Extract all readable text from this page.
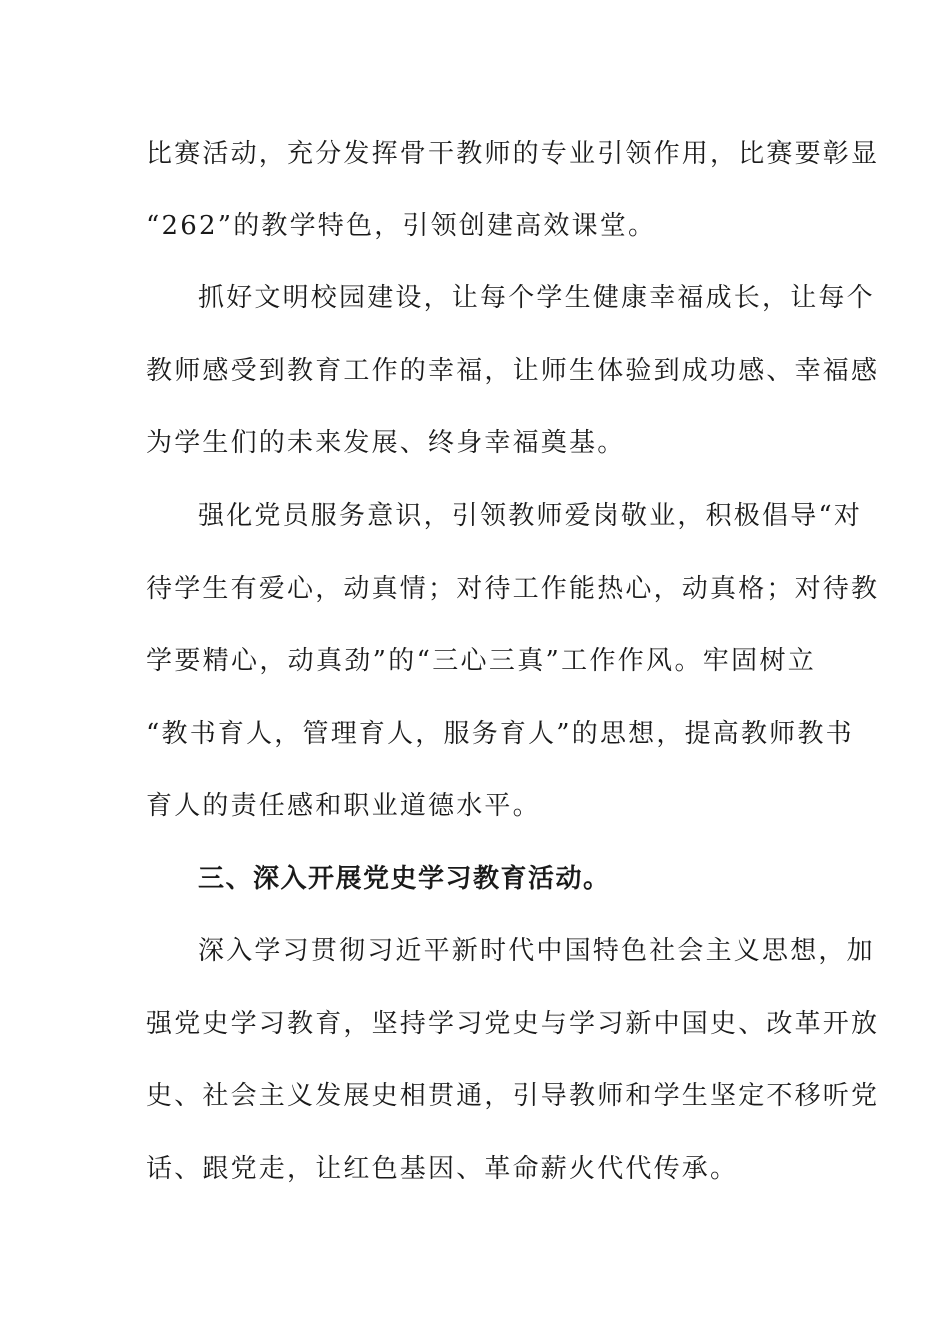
比赛活动，充分发挥骨干教师的专业引领作用，比赛要彰显
“262”的教学特色，引领创建高效课堂。
抓好文明校园建设，让每个学生健康幸福成长，让每个
教师感受到教育工作的幸福，让师生体验到成功感、幸福感
为学生们的未来发展、终身幸福奠基。
强化党员服务意识，引领教师爱岗敬业，积极倡导“对
待学生有爱心，动真情；对待工作能热心，动真格；对待教
学要精心，动真劲”的“三心三真”工作作风。牢固树立
“教书育人，管理育人，服务育人”的思想，提高教师教书
育人的责任感和职业道德水平。
三、深入开展党史学习教育活动。
深入学习贯彻习近平新时代中国特色社会主义思想，加
强党史学习教育，坚持学习党史与学习新中国史、改革开放
史、社会主义发展史相贯通，引导教师和学生坚定不移听党
话、跟党走，让红色基因、革命薪火代代传承。
